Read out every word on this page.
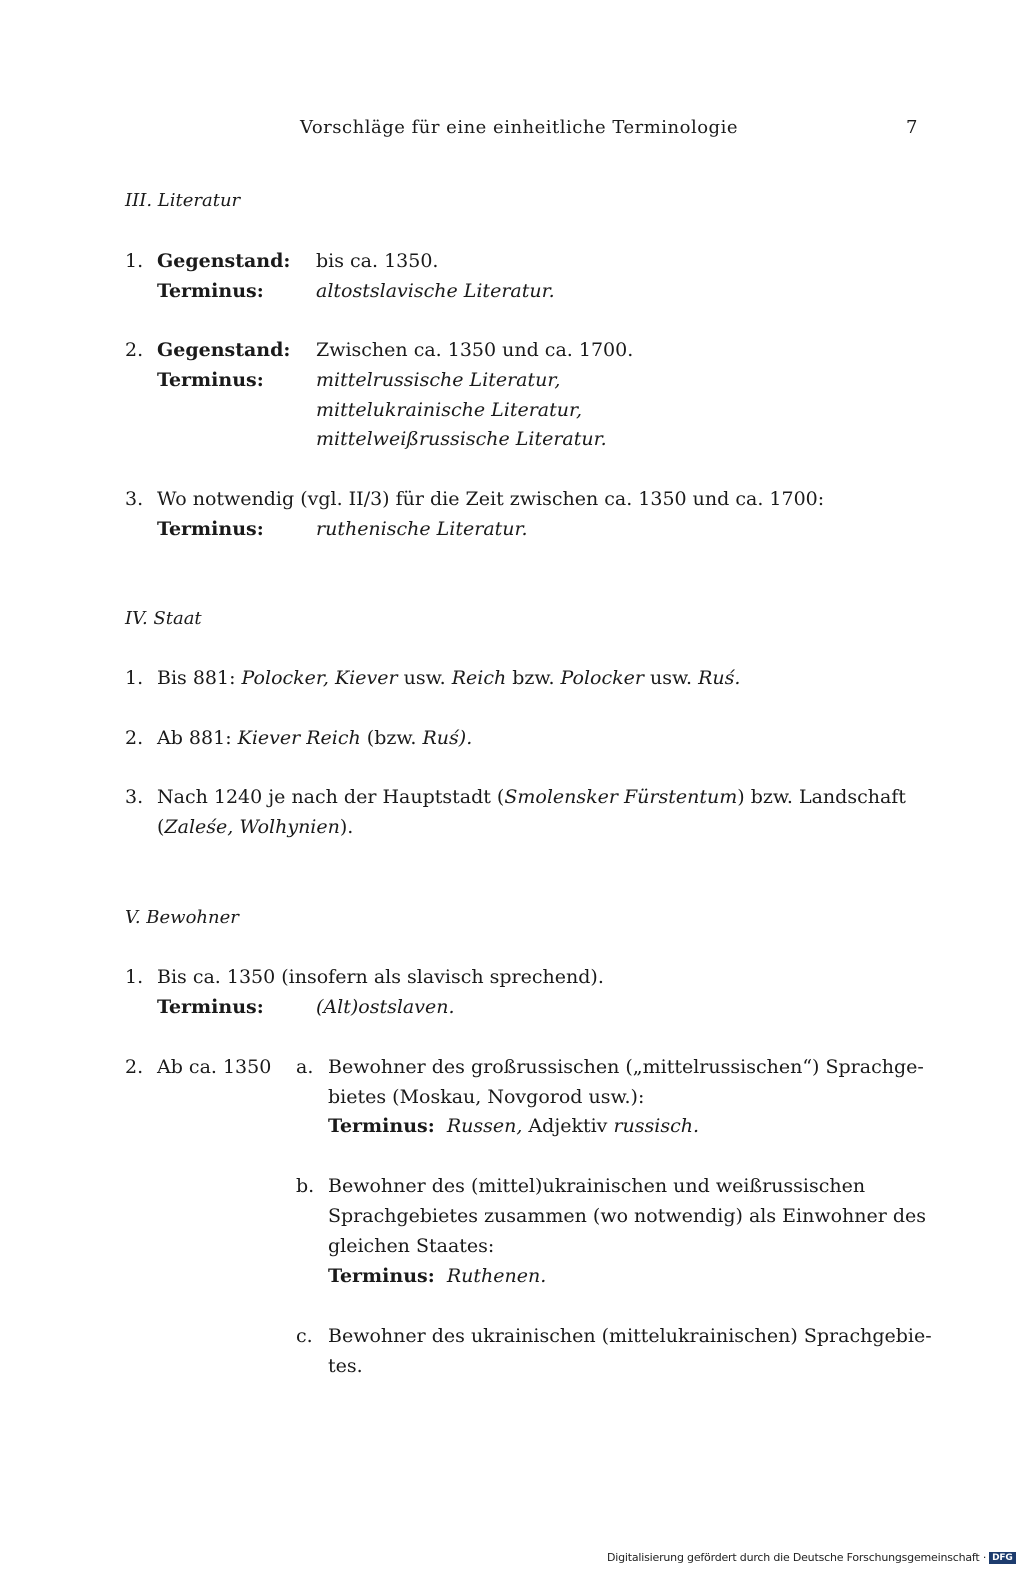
Vorschläge für eine einheitliche Terminologie	7
III. Literatur
1. Gegenstand: bis ca. 1350.
Terminus:	altostslavische Literatur.
2. Gegenstand: Zwischen ca. 1350 und ca. 1700.
Terminus:	mittelrussische Literatur,
mittelukrainische Literatur,
mittelweißrussische Literatur.
3. Wo notwendig (vgl. II/3) für die Zeit zwischen ca. 1350 und ca. 1700:
Terminus:	ruthenische Literatur.
IV. Staat
1. Bis 881: Polocker, Kiever usw. Reich bzw. Polocker usw. Ruś.
2. Ab 881: Kiever Reich (bzw. Ruś).
3. Nach 1240 je nach der Hauptstadt (Smolensker Fürstentum) bzw. Landschaft
(Zaleśe, Wolhynien).
V. Bewohner
1. Bis ca. 1350 (insofern als slavisch sprechend).
Terminus:	(Alt)ostslaven.
2. Ab ca. 1350 a. Bewohner des großrussischen („mittelrussischen“) Sprachge-
bietes (Moskau, Novgorod usw.):
Terminus: Russen, Adjektiv russisch.
b. Bewohner des (mittel)ukrainischen und weißrussischen
Sprachgebietes zusammen (wo notwendig) als Einwohner des
gleichen Staates:
Terminus: Ruthenen.
c. Bewohner des ukrainischen (mittelukrainischen) Sprachgebie-
tes.
Digitalisierung gefördert durch die Deutsche Forschungsgemeinschaft · DFG
